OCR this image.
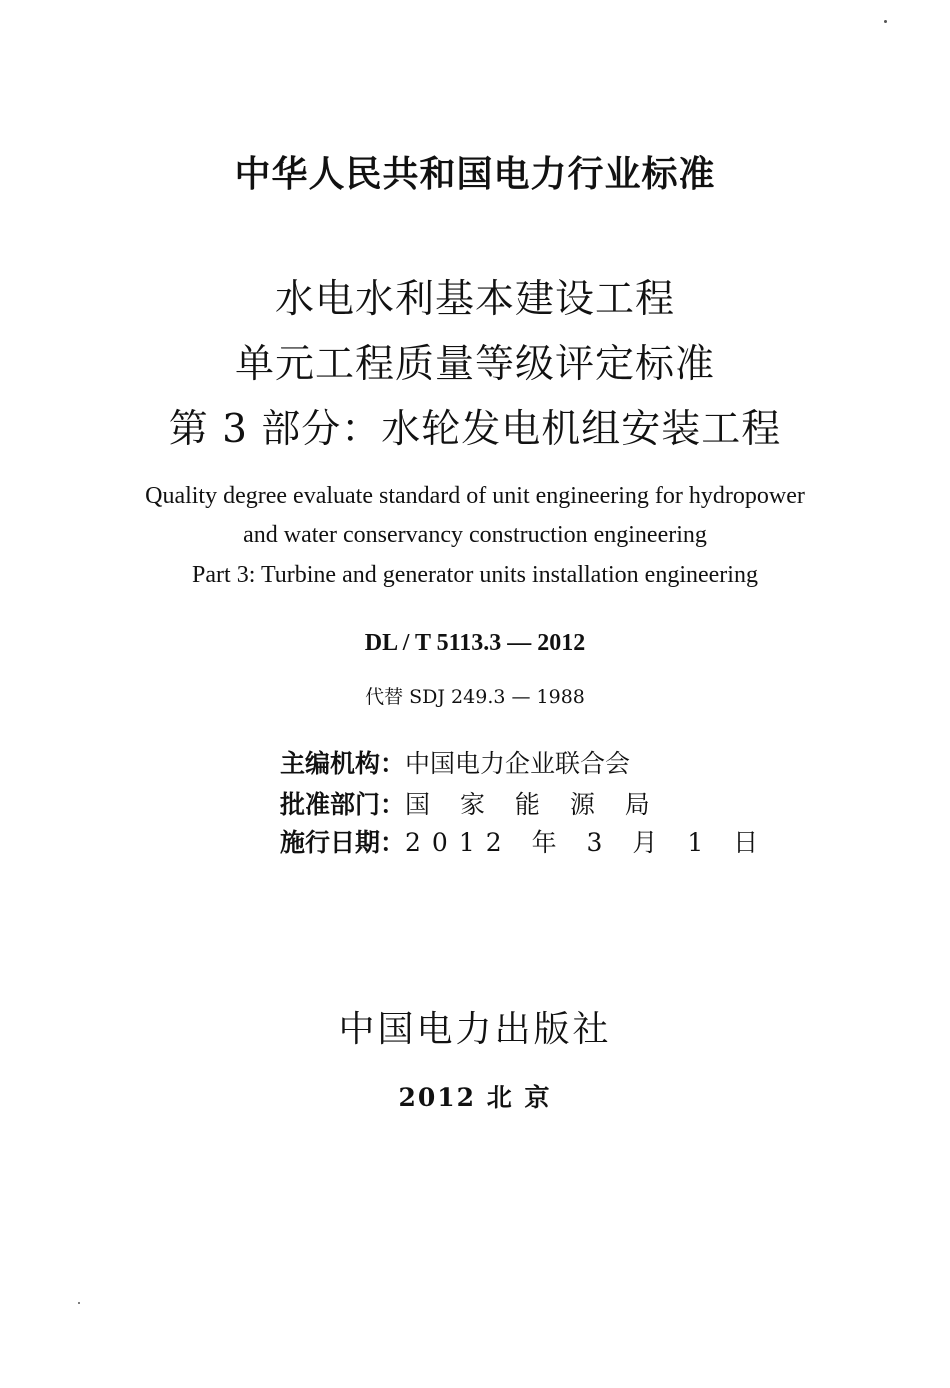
中华人民共和国电力行业标准
水电水利基本建设工程
单元工程质量等级评定标准
第 3 部分：水轮发电机组安装工程
Quality degree evaluate standard of unit engineering for hydropower
and water conservancy construction engineering
Part 3: Turbine and generator units installation engineering
DL / T 5113.3 — 2012
代替 SDJ 249.3 — 1988
主编机构：中国电力企业联合会
批准部门：国 家 能 源 局
施行日期：2012 年 3 月 1 日
中国电力出版社
2012 北 京
